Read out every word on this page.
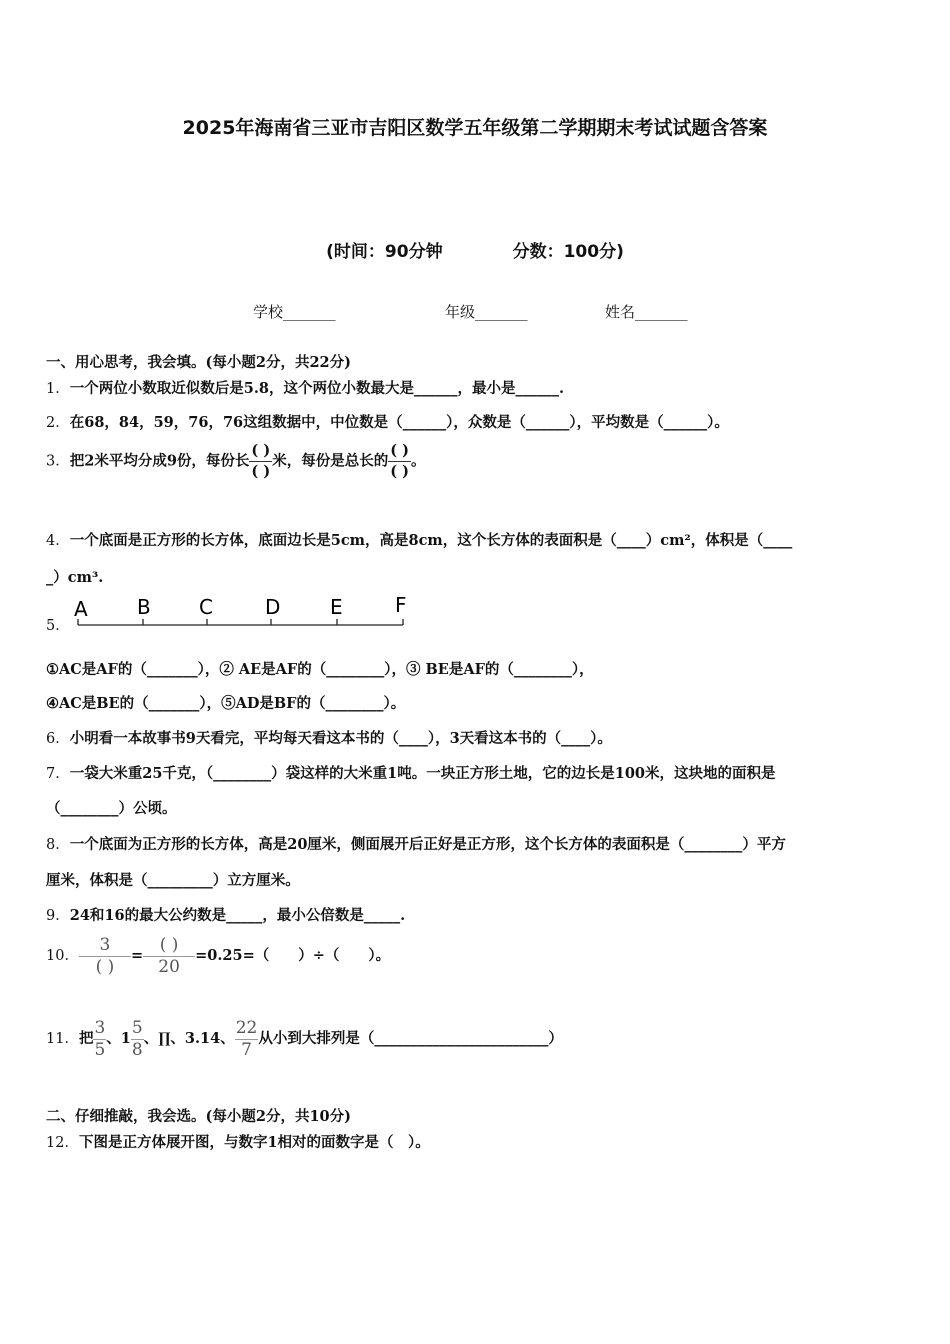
2025年海南省三亚市吉阳区数学五年级第二学期期末考试试题含答案
(时间：90分钟	分数：100分)
学校_______	年级_______	姓名_______
一、用心思考，我会填。(每小题2分，共22分)
1．一个两位小数取近似数后是5.8，这个两位小数最大是______，最小是______.
2．在68，84，59，76，76这组数据中，中位数是（______），众数是（______），平均数是（______）。
3．把2米平均分成9份，每份长 $\frac{( )}{( )}$ 米，每份是总长的 $\frac{( )}{( )}$ 。
4．一个底面是正方形的长方体，底面边长是5cm，高是8cm，这个长方体的表面积是（____）cm²，体积是（____
_）cm³.
5．
A B C	D E	F
①AC是AF的（_______），② AE是AF的（________），③ BE是AF的（________），
④AC是BE的（_______），⑤AD是BF的（________）。
6．小明看一本故事书9天看完，平均每天看这本书的（____），3天看这本书的（____）。
7．一袋大米重25千克，（________）袋这样的大米重1吨。一块正方形土地，它的边长是100米，这块地的面积是
（________）公顷。
8．一个底面为正方形的长方体，高是20厘米，侧面展开后正好是正方形，这个长方体的表面积是（________）平方
厘米，体积是（_________）立方厘米。
9．24和16的最大公约数是_____，最小公倍数是_____.
10． $\frac{3}{( )} = \frac{( )}{20} =0.25=$（　　）÷（　　）。
11．把 $\frac{3}{5}$ 、$1 \frac{5}{8}$ 、∏、3.14、 $\frac{22}{7}$ 从小到大排列是（________________________）
二、仔细推敲，我会选。(每小题2分，共10分)
12．下图是正方体展开图，与数字1相对的面数字是（　）。
